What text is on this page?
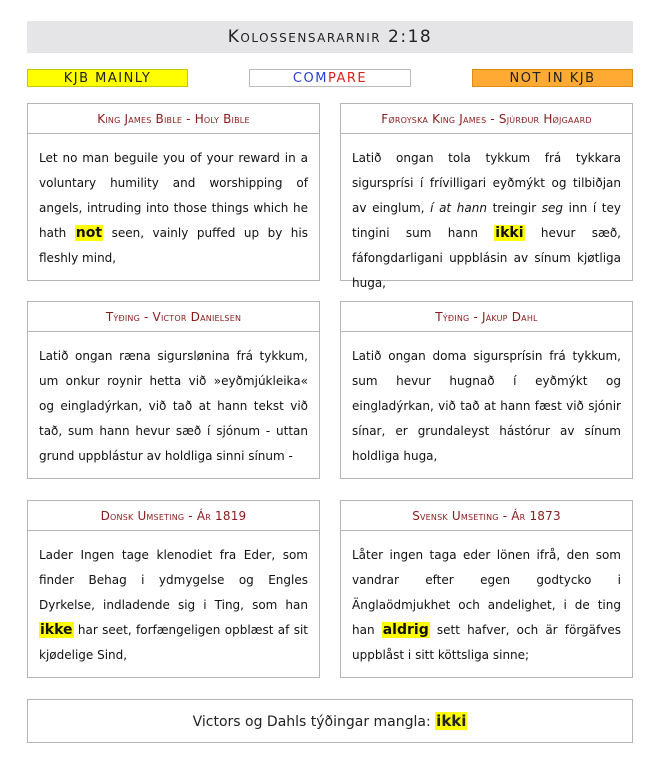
Kolossensararnir 2:18
KJB MAINLY	COMPARE	NOT IN KJB
King James Bible - Holy Bible
Let no man beguile you of your reward in a voluntary humility and worshipping of angels, intruding into those things which he hath not seen, vainly puffed up by his fleshly mind,
Føroyska King James - Sjúrður Højgaard
Latið ongan tola tykkum frá tykkara sigursprísi í frívilligari eyðmýkt og tilbiðjan av einglum, í at hann treingir seg inn í tey tingini sum hann ikki hevur sæð, fáfongdarligani uppblásin av sínum kjøtligа huga,
Týðing - Victor Danielsen
Latið ongan ræna sigurslønina frá tykkum, um onkur roynir hetta við »eyðmjúkleika« og eingladýrkan, við tað at hann tekst við tað, sum hann hevur sæð í sjónum - uttan grund uppblástur av holdliga sinni sínum -
Týðing - Jákup Dahl
Latið ongan doma sigursprísin frá tykkum, sum hevur hugnað í eyðmýkt og eingladýrkan, við tað at hann fæst við sjónir sínar, er grundaleyst hástórur av sínum holdliga huga,
Donsk Umseting - Ár 1819
Lader Ingen tage klenodiet fra Eder, som finder Behag i ydmygelse og Engles Dyrkelse, indladende sig i Ting, som han ikke har seet, forfængeligen opblæst af sit kjødelige Sind,
Svensk Umseting - Ár 1873
Låter ingen taga eder lönen ifrå, den som vandrar efter egen godtycko i Änglaödmjukhet och andelighet, i de ting han aldrig sett hafver, och är förgäfves uppblåst i sitt köttsliga sinne;
Victors og Dahls týðingar mangla: ikki
